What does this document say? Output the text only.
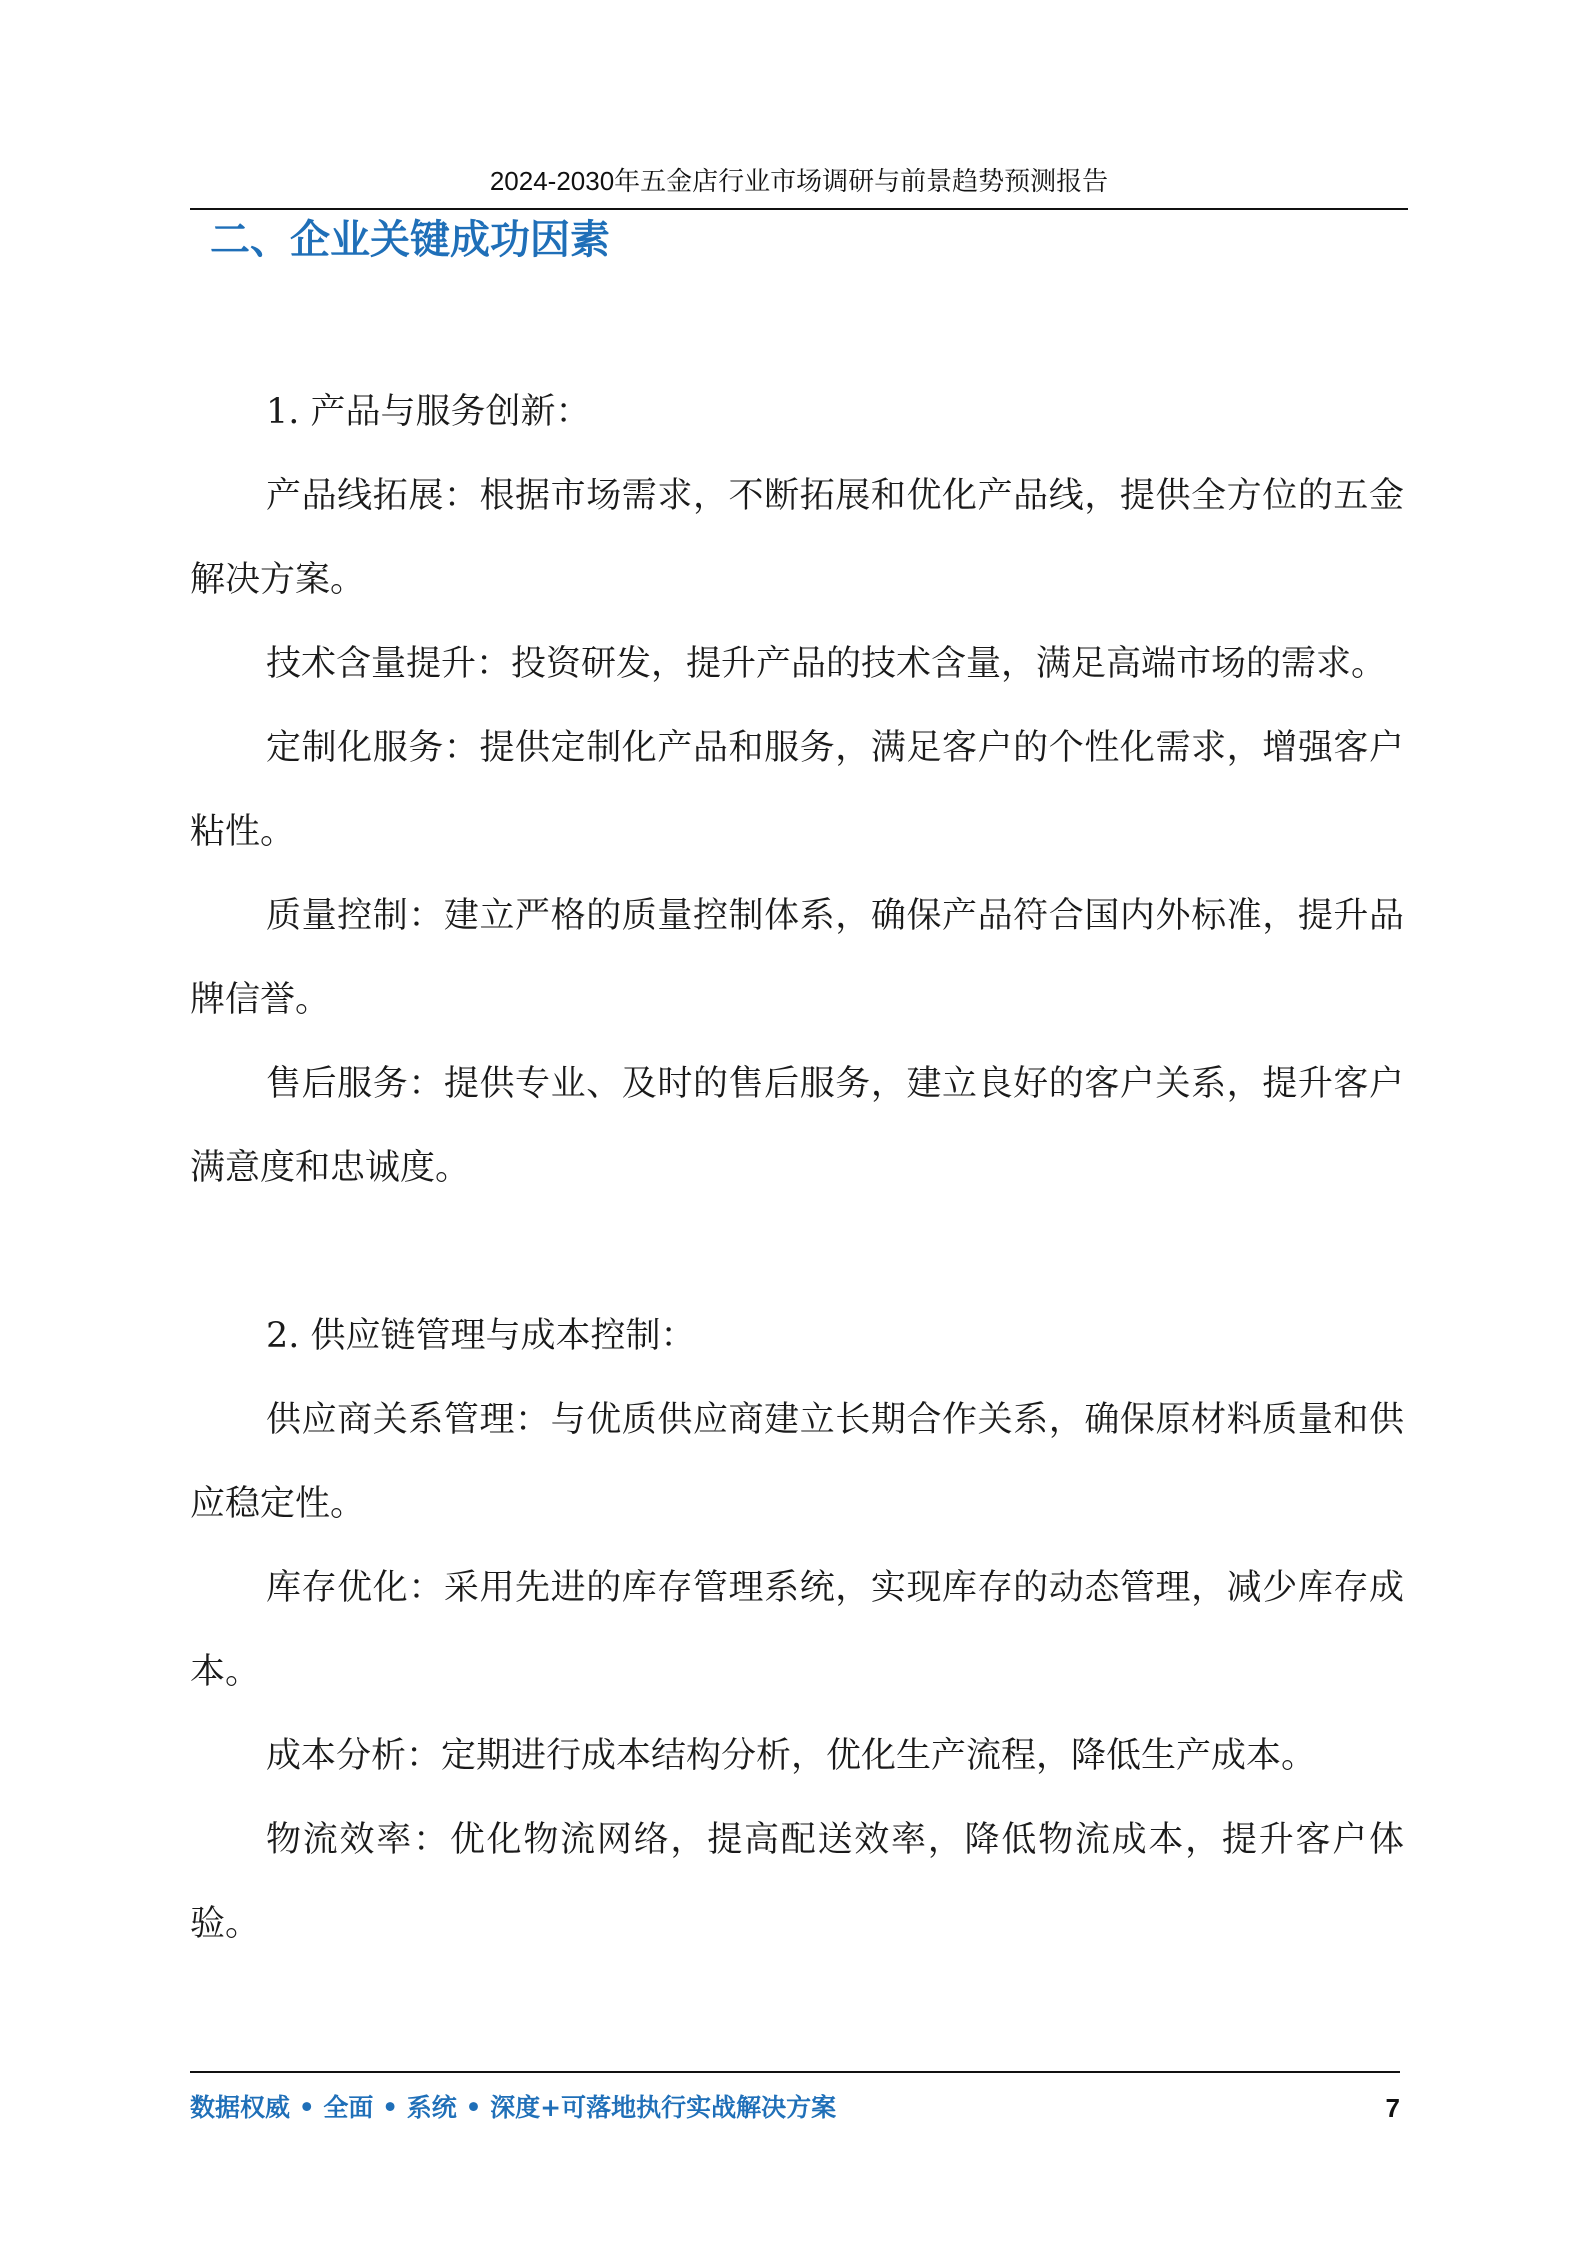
2024-2030年五金店行业市场调研与前景趋势预测报告
二、企业关键成功因素

1. 产品与服务创新：

产品线拓展：根据市场需求，不断拓展和优化产品线，提供全方位的五金解决方案。

技术含量提升：投资研发，提升产品的技术含量，满足高端市场的需求。

定制化服务：提供定制化产品和服务，满足客户的个性化需求，增强客户粘性。

质量控制：建立严格的质量控制体系，确保产品符合国内外标准，提升品牌信誉。

售后服务：提供专业、及时的售后服务，建立良好的客户关系，提升客户满意度和忠诚度。

2. 供应链管理与成本控制：

供应商关系管理：与优质供应商建立长期合作关系，确保原材料质量和供应稳定性。

库存优化：采用先进的库存管理系统，实现库存的动态管理，减少库存成本。

成本分析：定期进行成本结构分析，优化生产流程，降低生产成本。

物流效率：优化物流网络，提高配送效率，降低物流成本，提升客户体验。

数据权威 • 全面 • 系统 • 深度+可落地执行实战解决方案	7
